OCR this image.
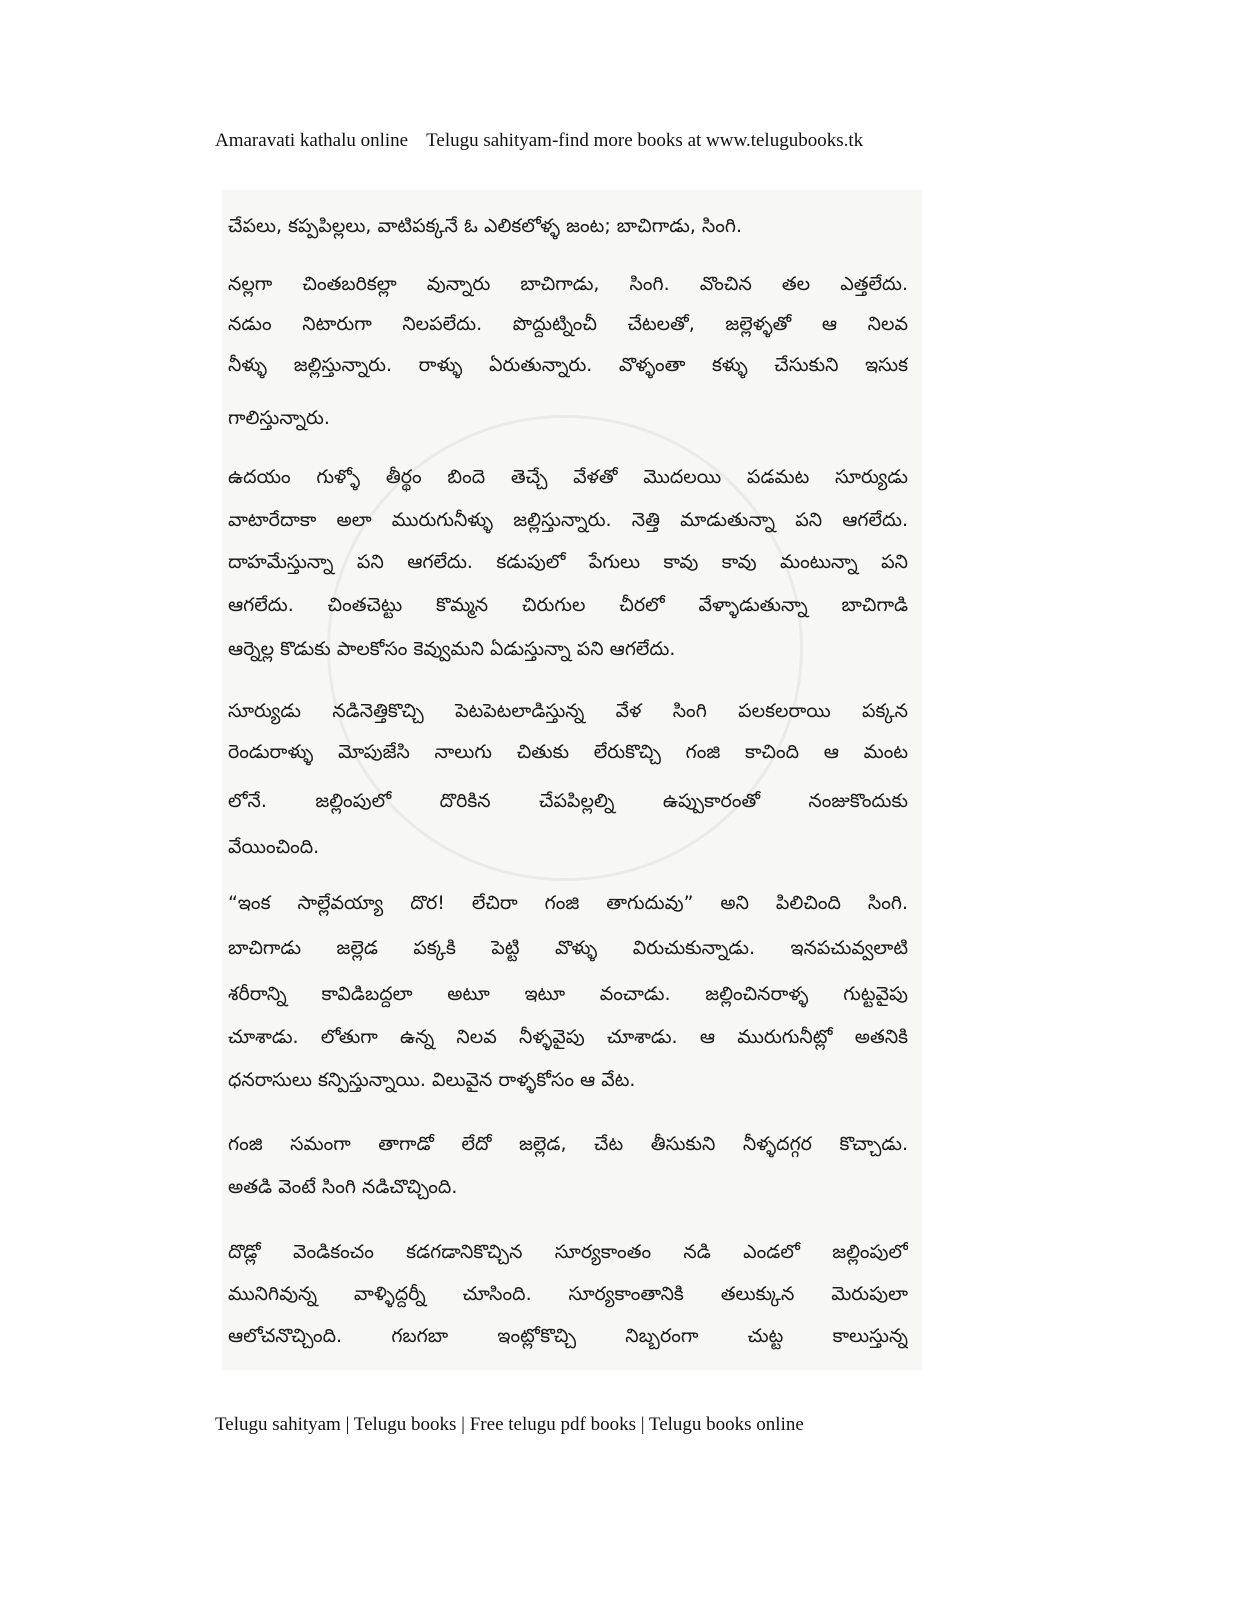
Amaravati kathalu online Telugu sahityam-find more books at www.telugubooks.tk
చేపలు, కప్పపిల్లలు, వాటిపక్కనే ఓ ఎలికలోళ్ళ జంట; బాచిగాడు, సింగి.
నల్లగా చింతబరికల్లా వున్నారు బాచిగాడు, సింగి. వొంచిన తల ఎత్తలేదు.
నడుం నిటారుగా నిలపలేదు. పొద్దుట్నించీ చేటలతో, జల్లెళ్ళతో ఆ నిలవ
నీళ్ళు జల్లిస్తున్నారు. రాళ్ళు ఏరుతున్నారు. వొళ్ళంతా కళ్ళు చేసుకుని ఇసుక
గాలిస్తున్నారు.
ఉదయం గుళ్ళో తీర్థం బిందె తెచ్చే వేళతో మొదలయి పడమట సూర్యుడు
వాటారేదాకా అలా మురుగునీళ్ళు జల్లిస్తున్నారు. నెత్తి మాడుతున్నా పని ఆగలేదు.
దాహమేస్తున్నా పని ఆగలేదు. కడుపులో పేగులు కావు కావు మంటున్నా పని
ఆగలేదు. చింతచెట్టు కొమ్మన చిరుగుల చీరలో వేళ్ళాడుతున్నా బాచిగాడి
ఆర్నెల్ల కొడుకు పాలకోసం కెవ్వుమని ఏడుస్తున్నా పని ఆగలేదు.
సూర్యుడు నడినెత్తికొచ్చి పెటపెటలాడిస్తున్న వేళ సింగి పలకలరాయి పక్కన
రెండురాళ్ళు మోపుజేసి నాలుగు చితుకు లేరుకొచ్చి గంజి కాచింది ఆ మంట
లోనే. జల్లింపులో దొరికిన చేపపిల్లల్ని ఉప్పుకారంతో నంజుకొందుకు
వేయించింది.
“ఇంక సాల్లేవయ్యా దొర! లేచిరా గంజి తాగుదువు” అని పిలిచింది సింగి.
బాచిగాడు జల్లెడ పక్కకి పెట్టి వొళ్ళు విరుచుకున్నాడు. ఇనపచువ్వలాటి
శరీరాన్ని కావిడిబద్దలా అటూ ఇటూ వంచాడు. జల్లించినరాళ్ళ గుట్టవైపు
చూశాడు. లోతుగా ఉన్న నిలవ నీళ్ళవైపు చూశాడు. ఆ మురుగునీట్లో అతనికి
ధనరాసులు కన్పిస్తున్నాయి. విలువైన రాళ్ళకోసం ఆ వేట.
గంజి సమంగా తాగాడో లేదో జల్లెడ, చేట తీసుకుని నీళ్ళదగ్గర కొచ్చాడు.
అతడి వెంటే సింగి నడిచొచ్చింది.
దొడ్లో వెండికంచం కడగడానికొచ్చిన సూర్యకాంతం నడి ఎండలో జల్లింపులో
మునిగివున్న వాళ్ళిద్దర్నీ చూసింది. సూర్యకాంతానికి తలుక్కున మెరుపులా
ఆలోచనొచ్చింది. గబగబా ఇంట్లోకొచ్చి నిబ్బరంగా చుట్ట కాలుస్తున్న
Telugu sahityam | Telugu books | Free telugu pdf books | Telugu books online
